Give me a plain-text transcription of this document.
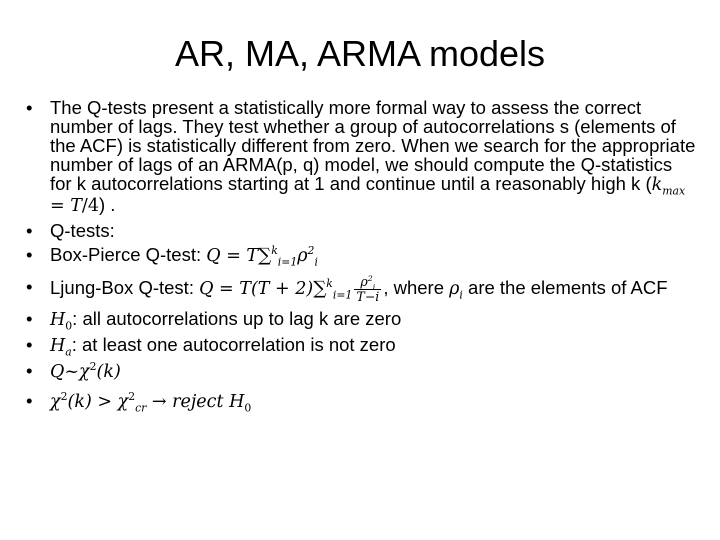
AR, MA, ARMA models
• The Q-tests present a statistically more formal way to assess the correct number of lags. They test whether a group of autocorrelations s (elements of the ACF) is statistically different from zero. When we search for the appropriate number of lags of an ARMA(p, q) model, we should compute the Q-statistics for k autocorrelations starting at 1 and continue until a reasonably high k $(k_{max} = T/4)$ .
• Q-tests:
• Box-Pierce Q-test: $Q = T\sum^k_{i=1}\rho^2_i$
• Ljung-Box Q-test: $Q = T(T + 2)\sum^k_{i=1} \frac{\rho^2_i}{T-i}$ , where $\rho_i$ are the elements of ACF
• $H_0$: all autocorrelations up to lag k are zero
• $H_a$: at least one autocorrelation is not zero
• $Q\sim\chi^2(k)$
• $\chi^2(k) > \chi^2_{cr}$ → reject $H_0$
